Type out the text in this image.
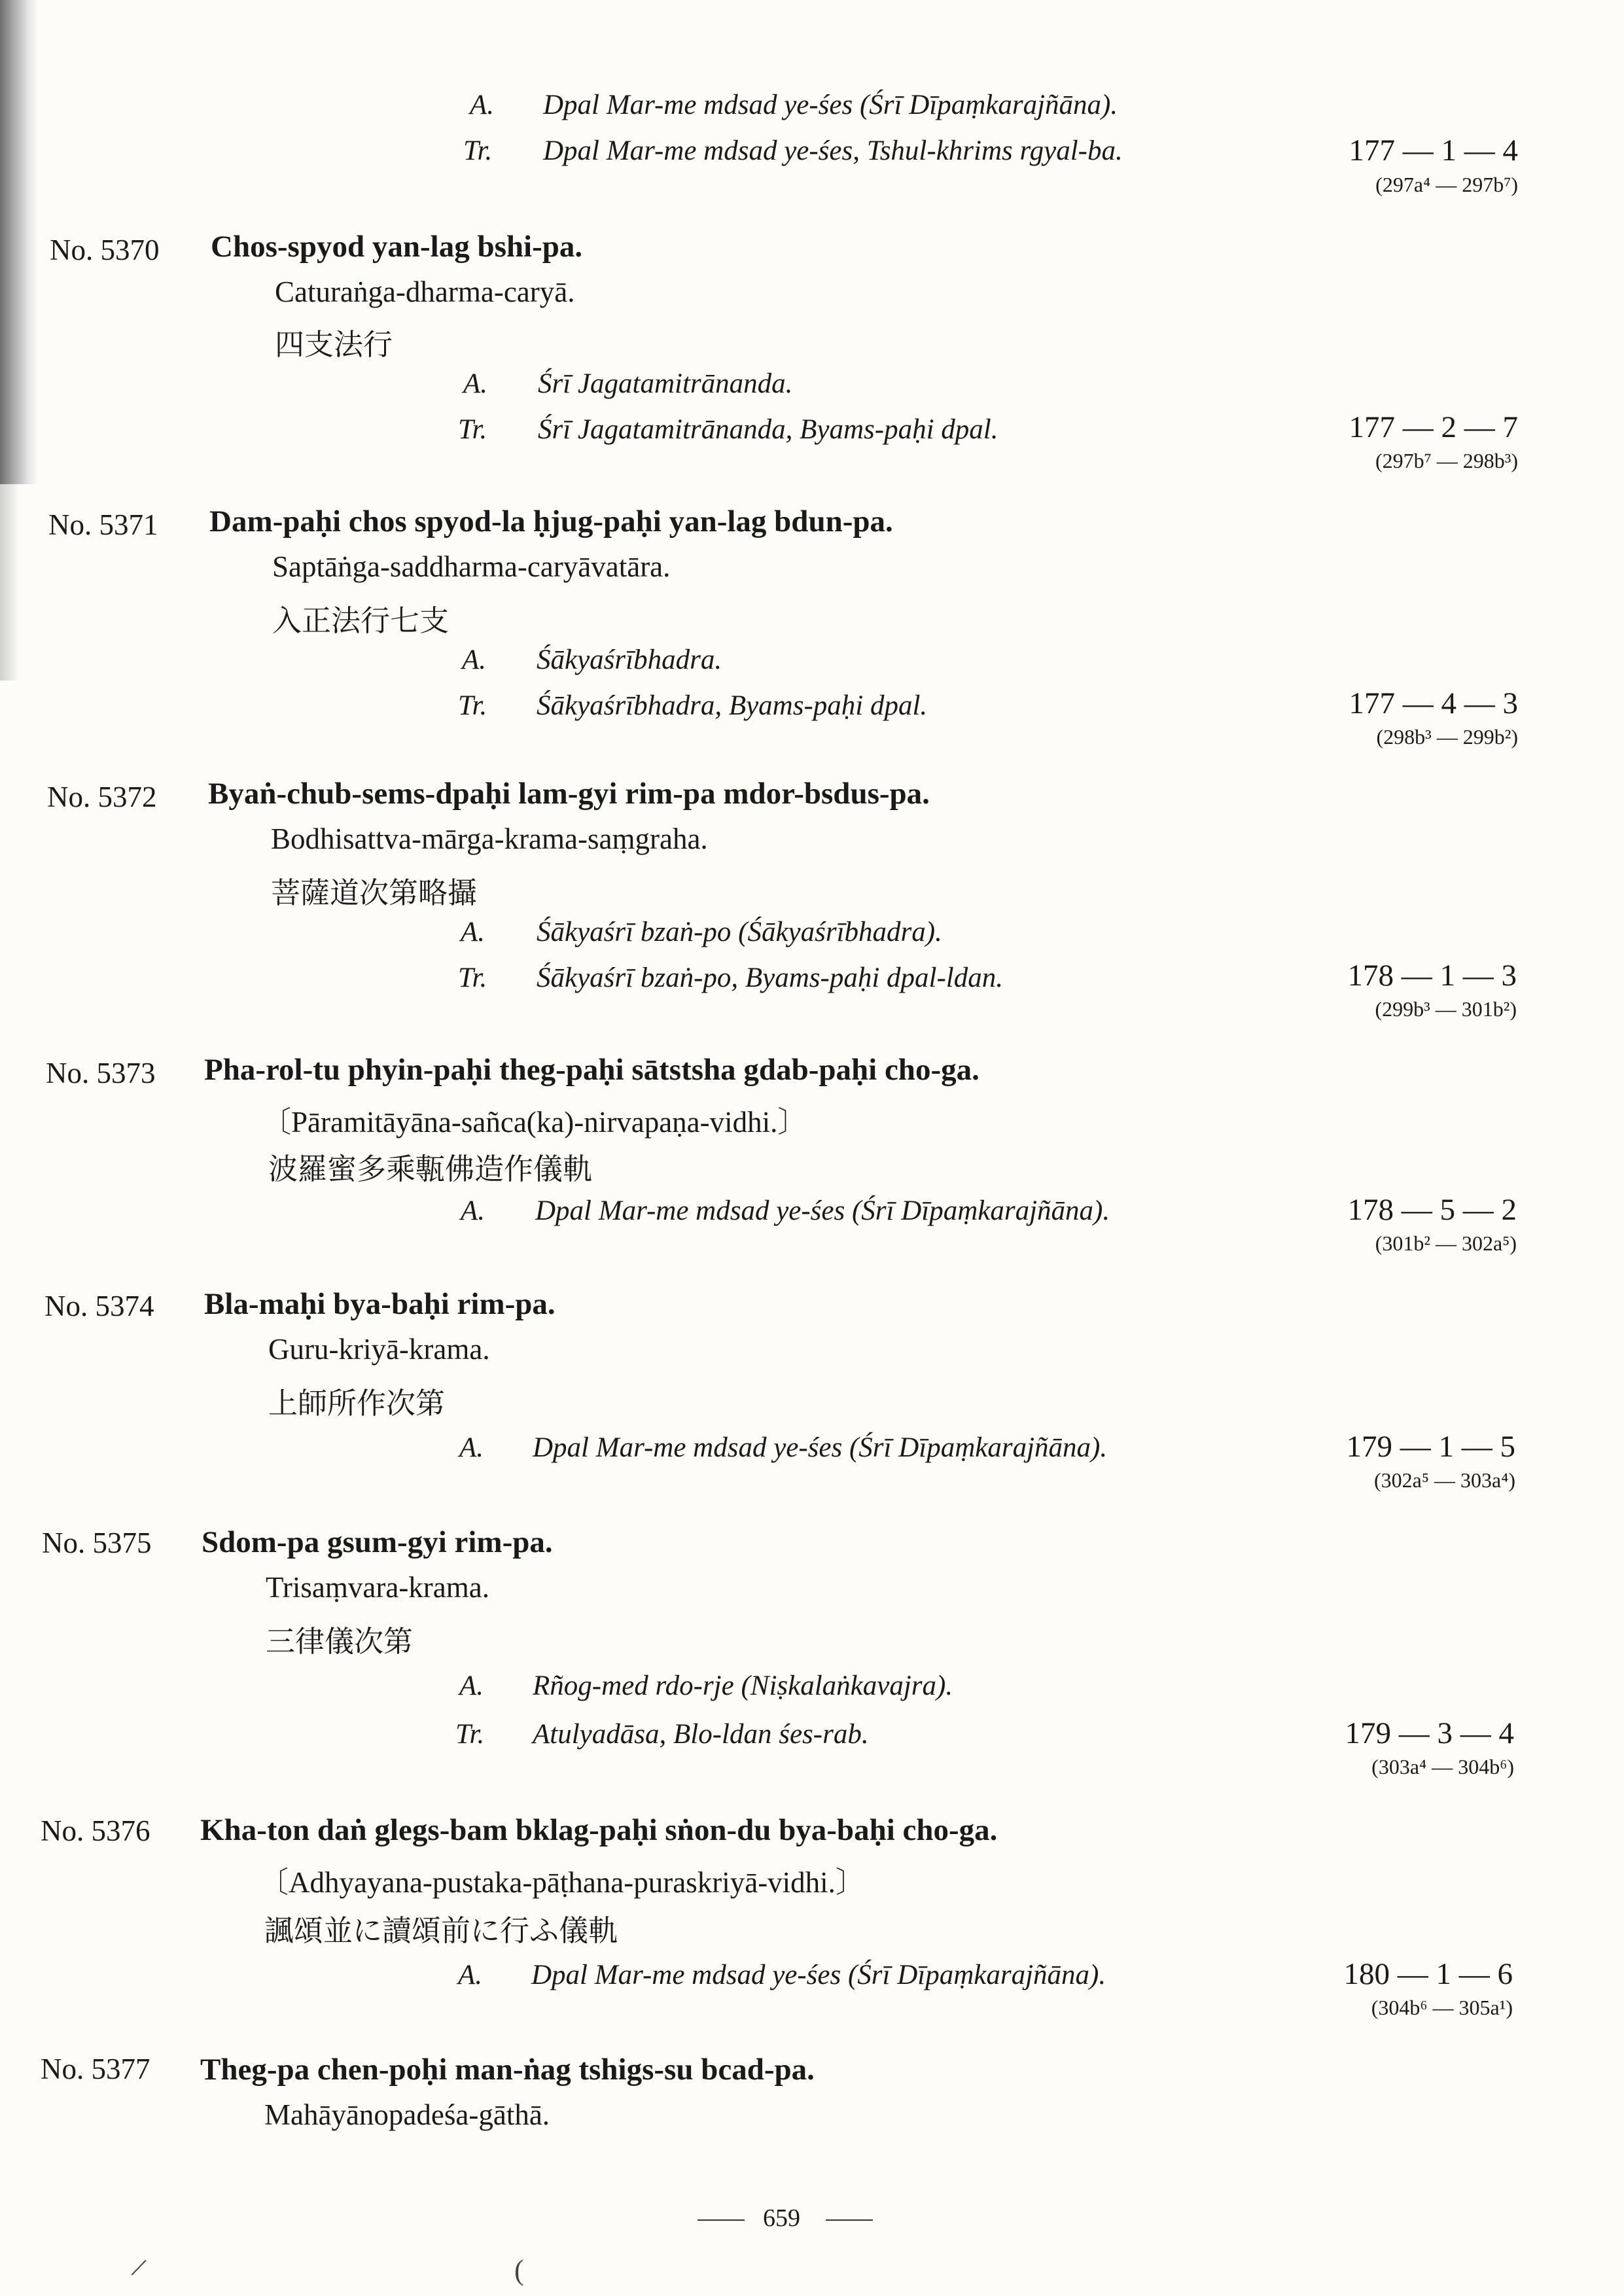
A. Dpal Mar-me mdsad ye-śes (Śrī Dīpaṃkarajñāna).
Tr. Dpal Mar-me mdsad ye-śes, Tshul-khrims rgyal-ba.	177 — 1 — 4
(297a⁴ — 297b⁷)
No. 5370 Chos-spyod yan-lag bshi-pa.
Caturaṅga-dharma-caryā.
四支法行
A. Śrī Jagatamitrānanda.
Tr. Śrī Jagatamitrānanda, Byams-paḥi dpal.	177 — 2 — 7
(297b⁷ — 298b³)
No. 5371 Dam-paḥi chos spyod-la ḥjug-paḥi yan-lag bdun-pa.
Saptāṅga-saddharma-caryāvatāra.
入正法行七支
A. Śākyaśrībhadra.
Tr. Śākyaśrībhadra, Byams-paḥi dpal.	177 — 4 — 3
(298b³ — 299b²)
No. 5372 Byaṅ-chub-sems-dpaḥi lam-gyi rim-pa mdor-bsdus-pa.
Bodhisattva-mārga-krama-saṃgraha.
菩薩道次第略攝
A. Śākyaśrī bzaṅ-po (Śākyaśrībhadra).
Tr. Śākyaśrī bzaṅ-po, Byams-paḥi dpal-ldan.	178 — 1 — 3
(299b³ — 301b²)
No. 5373 Pha-rol-tu phyin-paḥi theg-paḥi sātstsha gdab-paḥi cho-ga.
〔Pāramitāyāna-sañca(ka)-nirvapaṇa-vidhi.〕
波羅蜜多乘甎佛造作儀軌
A. Dpal Mar-me mdsad ye-śes (Śrī Dīpaṃkarajñāna).	178 — 5 — 2
(301b² — 302a⁵)
No. 5374 Bla-maḥi bya-baḥi rim-pa.
Guru-kriyā-krama.
上師所作次第
A. Dpal Mar-me mdsad ye-śes (Śrī Dīpaṃkarajñāna).	179 — 1 — 5
(302a⁵ — 303a⁴)
No. 5375 Sdom-pa gsum-gyi rim-pa.
Trisaṃvara-krama.
三律儀次第
A. Rñog-med rdo-rje (Niṣkalaṅkavajra).
Tr. Atulyadāsa, Blo-ldan śes-rab.	179 — 3 — 4
(303a⁴ — 304b⁶)
No. 5376 Kha-ton daṅ glegs-bam bklag-paḥi sṅon-du bya-baḥi cho-ga.
〔Adhyayana-pustaka-pāṭhana-puraskriyā-vidhi.〕
諷頌並に讀頌前に行ふ儀軌
A. Dpal Mar-me mdsad ye-śes (Śrī Dīpaṃkarajñāna).	180 — 1 — 6
(304b⁶ — 305a¹)
No. 5377 Theg-pa chen-poḥi man-ṅag tshigs-su bcad-pa.
Mahāyānopadeśa-gāthā.
659
/	(
